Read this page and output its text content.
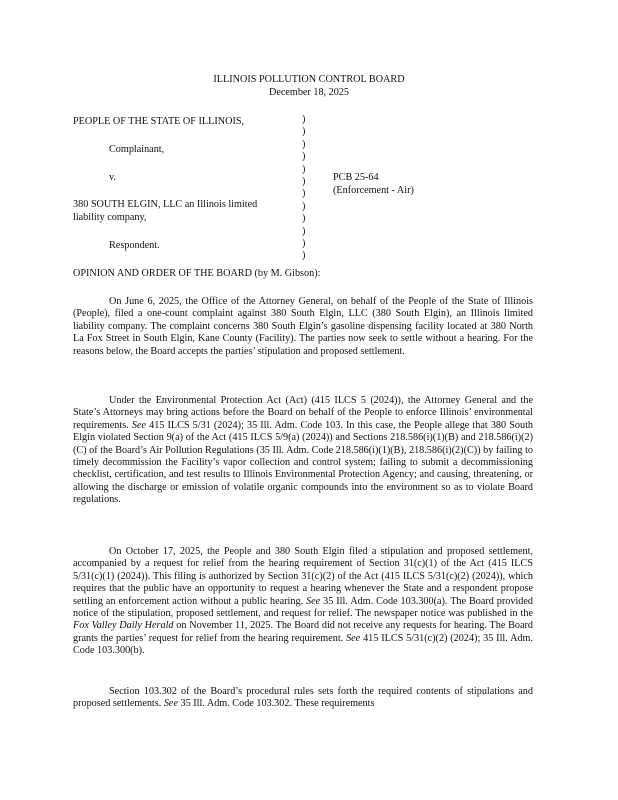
ILLINOIS POLLUTION CONTROL BOARD
December 18, 2025
PEOPLE OF THE STATE OF ILLINOIS,
Complainant,
v.
380 SOUTH ELGIN, LLC an Illinois limited
liability company,
Respondent.
)
)
)
)
)
)
)
)
)
)
)
)
PCB 25-64
(Enforcement - Air)
OPINION AND ORDER OF THE BOARD (by M. Gibson):
On June 6, 2025, the Office of the Attorney General, on behalf of the People of the State of Illinois (People), filed a one-count complaint against 380 South Elgin, LLC (380 South Elgin), an Illinois limited liability company. The complaint concerns 380 South Elgin’s gasoline dispensing facility located at 380 North La Fox Street in South Elgin, Kane County (Facility). The parties now seek to settle without a hearing. For the reasons below, the Board accepts the parties’ stipulation and proposed settlement.
Under the Environmental Protection Act (Act) (415 ILCS 5 (2024)), the Attorney General and the State’s Attorneys may bring actions before the Board on behalf of the People to enforce Illinois’ environmental requirements. See 415 ILCS 5/31 (2024); 35 Ill. Adm. Code 103. In this case, the People allege that 380 South Elgin violated Section 9(a) of the Act (415 ILCS 5/9(a) (2024)) and Sections 218.586(i)(1)(B) and 218.586(i)(2)(C) of the Board’s Air Pollution Regulations (35 Ill. Adm. Code 218.586(i)(1)(B), 218.586(i)(2)(C)) by failing to timely decommission the Facility’s vapor collection and control system; failing to submit a decommissioning checklist, certification, and test results to Illinois Environmental Protection Agency; and causing, threatening, or allowing the discharge or emission of volatile organic compounds into the environment so as to violate Board regulations.
On October 17, 2025, the People and 380 South Elgin filed a stipulation and proposed settlement, accompanied by a request for relief from the hearing requirement of Section 31(c)(1) of the Act (415 ILCS 5/31(c)(1) (2024)). This filing is authorized by Section 31(c)(2) of the Act (415 ILCS 5/31(c)(2) (2024)), which requires that the public have an opportunity to request a hearing whenever the State and a respondent propose settling an enforcement action without a public hearing. See 35 Ill. Adm. Code 103.300(a). The Board provided notice of the stipulation, proposed settlement, and request for relief. The newspaper notice was published in the Fox Valley Daily Herald on November 11, 2025. The Board did not receive any requests for hearing. The Board grants the parties’ request for relief from the hearing requirement. See 415 ILCS 5/31(c)(2) (2024); 35 Ill. Adm. Code 103.300(b).
Section 103.302 of the Board’s procedural rules sets forth the required contents of stipulations and proposed settlements. See 35 Ill. Adm. Code 103.302. These requirements
